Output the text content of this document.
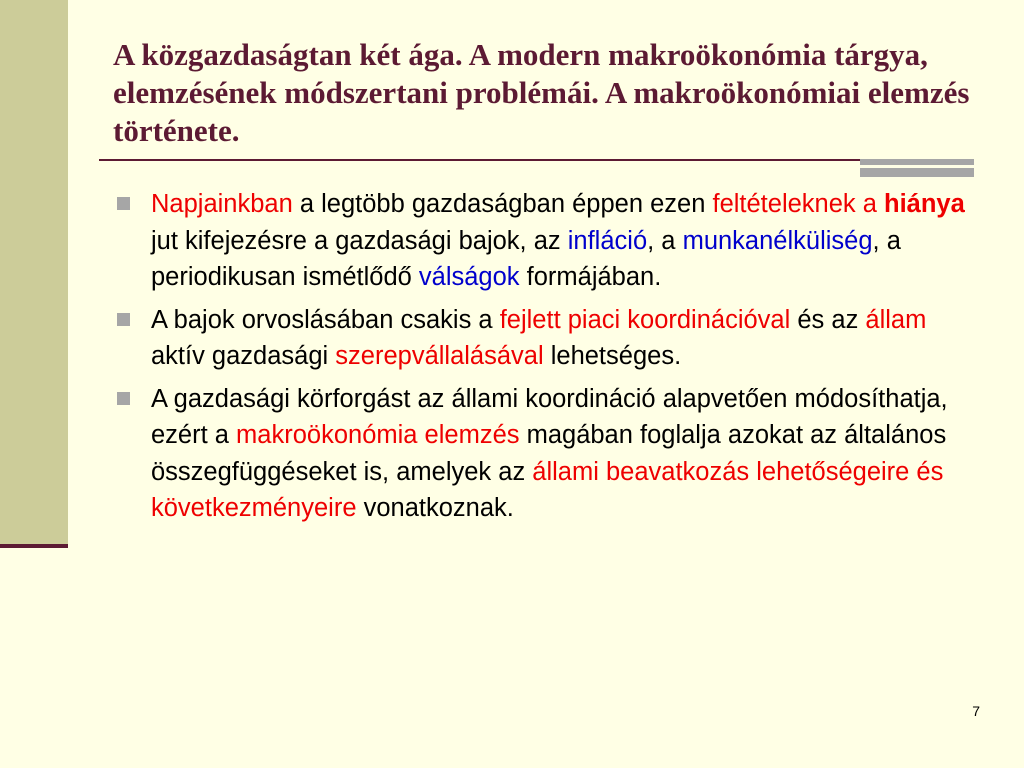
A közgazdaságtan két ága. A modern makroökonómia tárgya, elemzésének módszertani problémái. A makroökonómiai elemzés története.
Napjainkban a legtöbb gazdaságban éppen ezen feltételeknek a hiánya jut kifejezésre a gazdasági bajok, az infláció, a munkanélküliség, a periodikusan ismétlődő válságok formájában.
A bajok orvoslásában csakis a fejlett piaci koordinációval és az állam aktív gazdasági szerepvállalásával lehetséges.
A gazdasági körforgást az állami koordináció alapvetően módosíthatja, ezért a makroökonómia elemzés magában foglalja azokat az általános összegfüggéseket is, amelyek az állami beavatkozás lehetőségeire és következményeire vonatkoznak.
7
